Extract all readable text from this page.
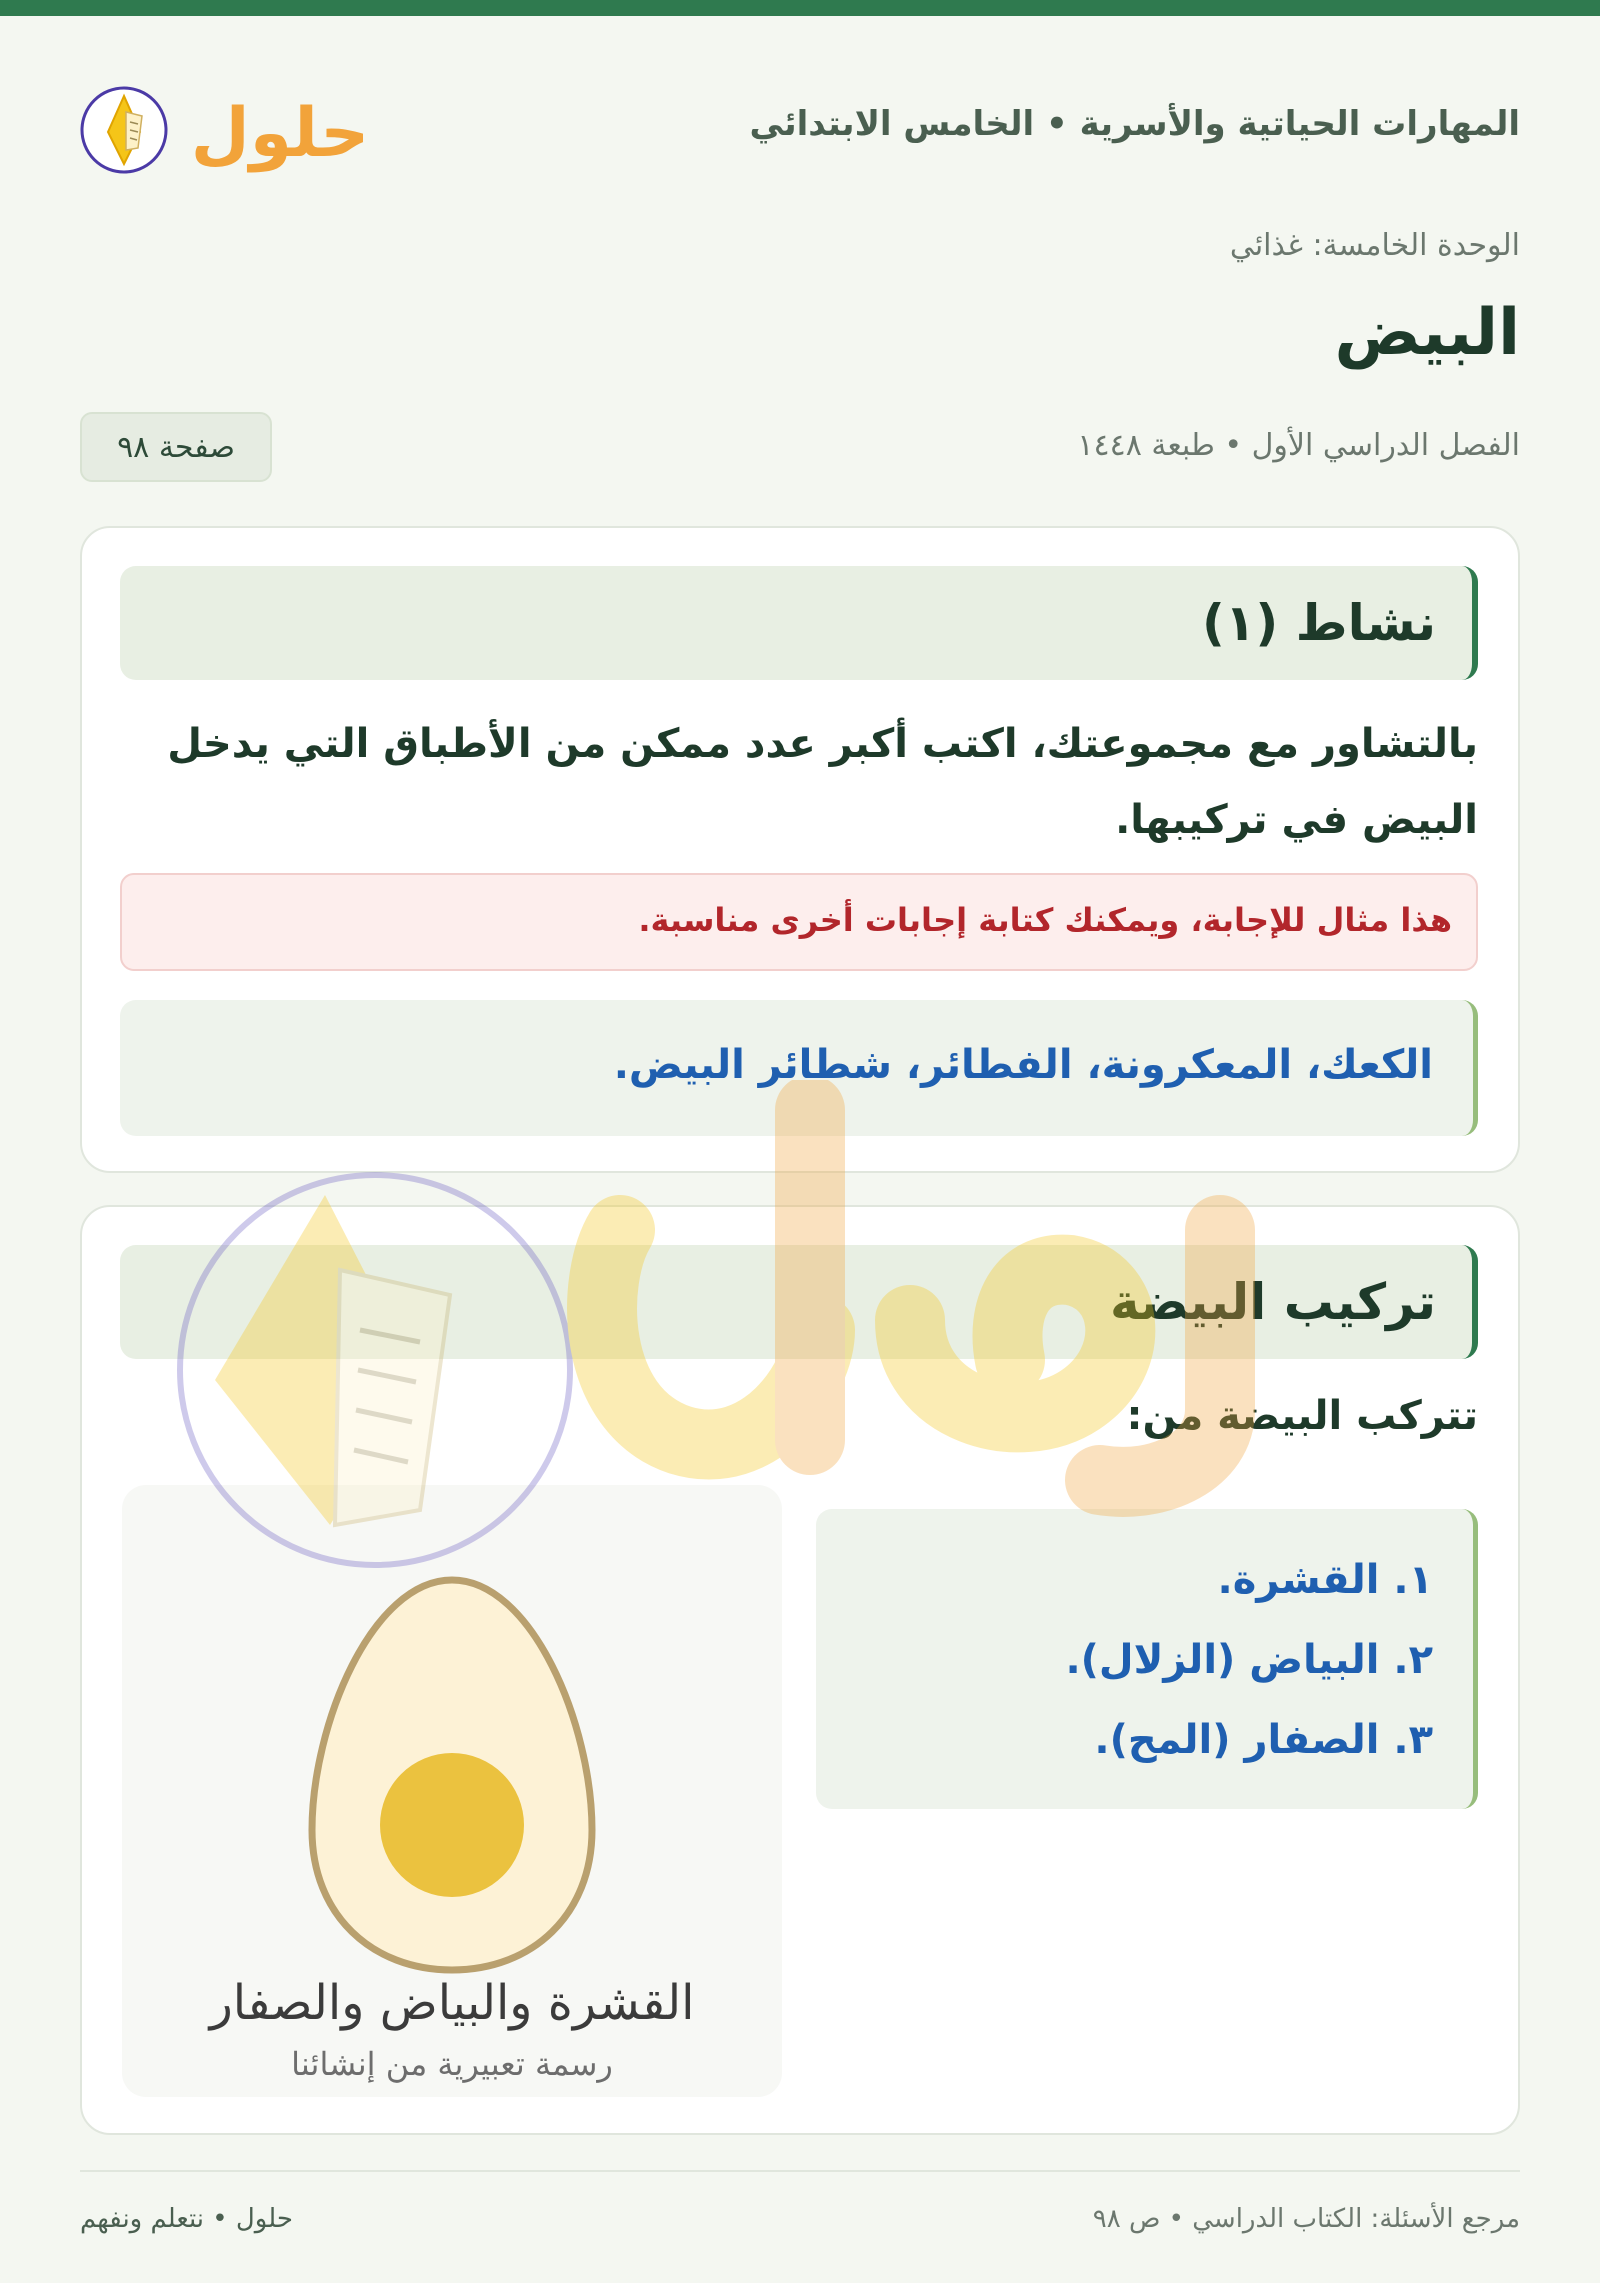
المهارات الحياتية والأسرية • الخامس الابتدائي
حلول
الوحدة الخامسة: غذائي
البيض
الفصل الدراسي الأول • طبعة ١٤٤٨
صفحة ٩٨
نشاط (١)
بالتشاور مع مجموعتك، اكتب أكبر عدد ممكن من الأطباق التي يدخل البيض في تركيبها.
هذا مثال للإجابة، ويمكنك كتابة إجابات أخرى مناسبة.
الكعك، المعكرونة، الفطائر، شطائر البيض.
تركيب البيضة
تتركب البيضة من:
١. القشرة.
٢. البياض (الزلال).
٣. الصفار (المح).
القشرة والبياض والصفار
رسمة تعبيرية من إنشائنا
مرجع الأسئلة: الكتاب الدراسي • ص ٩٨
حلول • نتعلم ونفهم
